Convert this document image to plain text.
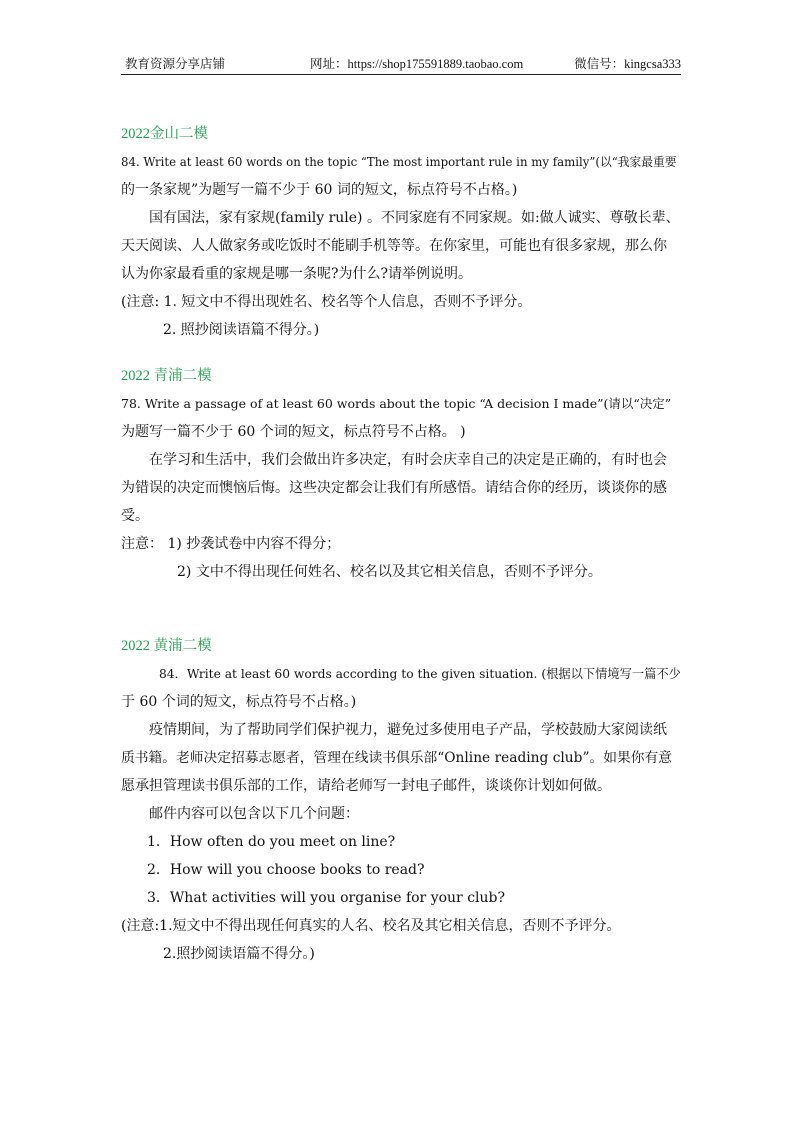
教育资源分享店铺	网址：https://shop175591889.taobao.com	微信号：kingcsa333
2022金山二模
84. Write at least 60 words on the topic “The most important rule in my family”(以“我家最重要
的一条家规”为题写一篇不少于 60 词的短文，标点符号不占格。)
国有国法，家有家规(family rule) 。不同家庭有不同家规。如:做人诚实、尊敬长辈、
天天阅读、人人做家务或吃饭时不能刷手机等等。在你家里，可能也有很多家规，那么你
认为你家最看重的家规是哪一条呢?为什么?请举例说明。
(注意: 1. 短文中不得出现姓名、校名等个人信息，否则不予评分。
2. 照抄阅读语篇不得分。)
2022 青浦二模
78. Write a passage of at least 60 words about the topic “A decision I made”(请以“决定”
为题写一篇不少于 60 个词的短文，标点符号不占格。 )
在学习和生活中，我们会做出许多决定，有时会庆幸自己的决定是正确的，有时也会
为错误的决定而懊恼后悔。这些决定都会让我们有所感悟。请结合你的经历，谈谈你的感
受。
注意： 1) 抄袭试卷中内容不得分；
2) 文中不得出现任何姓名、校名以及其它相关信息，否则不予评分。
2022 黄浦二模
84．Write at least 60 words according to the given situation. (根据以下情境写一篇不少
于 60 个词的短文，标点符号不占格。)
疫情期间，为了帮助同学们保护视力，避免过多使用电子产品，学校鼓励大家阅读纸
质书籍。老师决定招募志愿者，管理在线读书俱乐部“Online reading club”。如果你有意
愿承担管理读书俱乐部的工作，请给老师写一封电子邮件，谈谈你计划如何做。
邮件内容可以包含以下几个问题：
1．How often do you meet on line?
2．How will you choose books to read?
3．What activities will you organise for your club?
(注意:1.短文中不得出现任何真实的人名、校名及其它相关信息，否则不予评分。
2.照抄阅读语篇不得分。)
